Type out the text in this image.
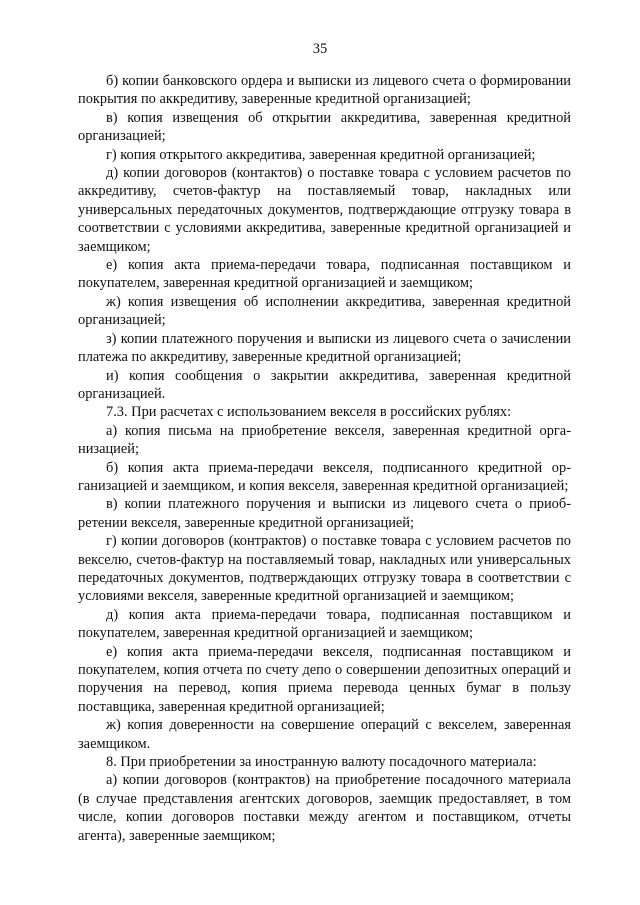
35

б) копии банковского ордера и выписки из лицевого счета о формировании покрытия по аккредитиву, заверенные кредитной организацией;

в) копия извещения об открытии аккредитива, заверенная кредитной организацией;

г) копия открытого аккредитива, заверенная кредитной организацией;

д) копии договоров (контактов) о поставке товара с условием расчетов по аккредитиву, счетов-фактур на поставляемый товар, накладных или универсальных передаточных документов, подтверждающие отгрузку товара в соответствии с условиями аккредитива, заверенные кредитной организацией и заемщиком;

е) копия акта приема-передачи товара, подписанная поставщиком и покупателем, заверенная кредитной организацией и заемщиком;

ж) копия извещения об исполнении аккредитива, заверенная кредитной организацией;

з) копии платежного поручения и выписки из лицевого счета о зачислении платежа по аккредитиву, заверенные кредитной организацией;

и) копия сообщения о закрытии аккредитива, заверенная кредитной организацией.

7.3. При расчетах с использованием векселя в российских рублях:

а) копия письма на приобретение векселя, заверенная кредитной организацией;

б) копия акта приема-передачи векселя, подписанного кредитной организацией и заемщиком, и копия векселя, заверенная кредитной организацией;

в) копии платежного поручения и выписки из лицевого счета о приобретении векселя, заверенные кредитной организацией;

г) копии договоров (контрактов) о поставке товара с условием расчетов по векселю, счетов-фактур на поставляемый товар, накладных или универсальных передаточных документов, подтверждающих отгрузку товара в соответствии с условиями векселя, заверенные кредитной организацией и заемщиком;

д) копия акта приема-передачи товара, подписанная поставщиком и покупателем, заверенная кредитной организацией и заемщиком;

е) копия акта приема-передачи векселя, подписанная поставщиком и покупателем, копия отчета по счету депо о совершении депозитных операций и поручения на перевод, копия приема перевода ценных бумаг в пользу поставщика, заверенная кредитной организацией;

ж) копия доверенности на совершение операций с векселем, заверенная заемщиком.

8. При приобретении за иностранную валюту посадочного материала:

а) копии договоров (контрактов) на приобретение посадочного материала (в случае представления агентских договоров, заемщик предоставляет, в том числе, копии договоров поставки между агентом и поставщиком, отчеты агента), заверенные заемщиком;
